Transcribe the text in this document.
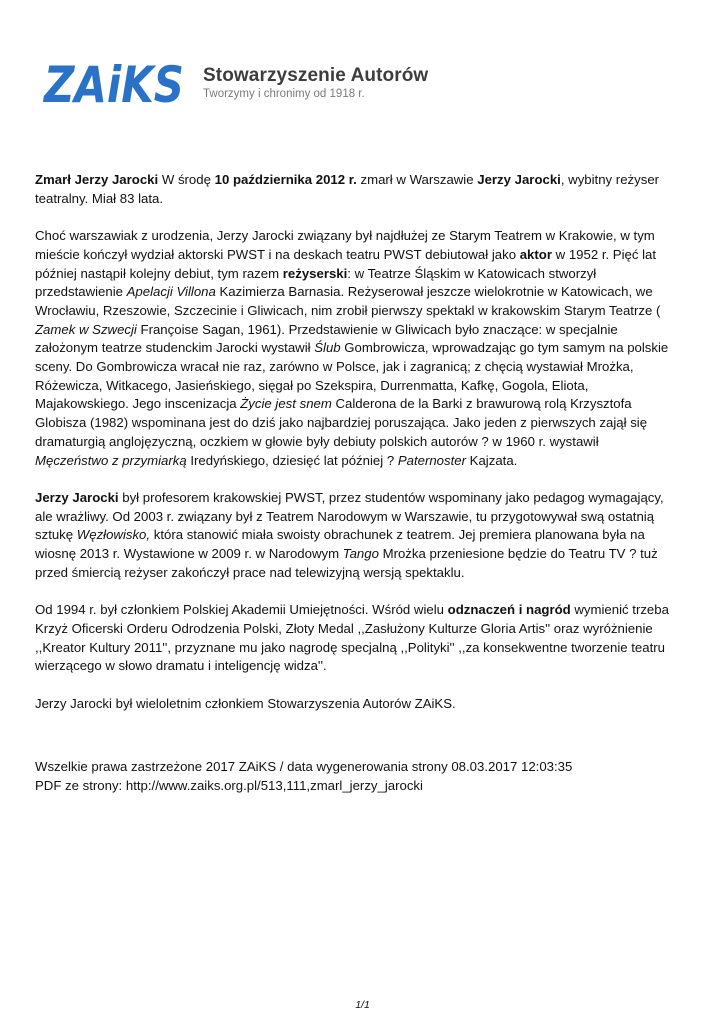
ZAiKS Stowarzyszenie Autorów
Tworzymy i chronimy od 1918 r.

Zmarł Jerzy Jarocki W środę 10 października 2012 r. zmarł w Warszawie Jerzy Jarocki, wybitny reżyser teatralny. Miał 83 lata.

Choć warszawiak z urodzenia, Jerzy Jarocki związany był najdłużej ze Starym Teatrem w Krakowie, w tym mieście kończył wydział aktorski PWST i na deskach teatru PWST debiutował jako aktor w 1952 r. Pięć lat później nastąpił kolejny debiut, tym razem reżyserski: w Teatrze Śląskim w Katowicach stworzył przedstawienie Apelacji Villona Kazimierza Barnasia. Reżyserował jeszcze wielokrotnie w Katowicach, we Wrocławiu, Rzeszowie, Szczecinie i Gliwicach, nim zrobił pierwszy spektakl w krakowskim Starym Teatrze ( Zamek w Szwecji Françoise Sagan, 1961). Przedstawienie w Gliwicach było znaczące: w specjalnie założonym teatrze studenckim Jarocki wystawił Ślub Gombrowicza, wprowadzając go tym samym na polskie sceny. Do Gombrowicza wracał nie raz, zarówno w Polsce, jak i zagranicą; z chęcią wystawiał Mrożka, Różewicza, Witkacego, Jasieńskiego, sięgał po Szekspira, Durrenmatta, Kafkę, Gogola, Eliota, Majakowskiego. Jego inscenizacja Życie jest snem Calderona de la Barki z brawurową rolą Krzysztofa Globisza (1982) wspominana jest do dziś jako najbardziej poruszająca. Jako jeden z pierwszych zajął się dramaturgią anglojęzyczną, oczkiem w głowie były debiuty polskich autorów ? w 1960 r. wystawił Męczeństwo z przymiarką Iredyńskiego, dziesięć lat później ? Paternoster Kajzata.

Jerzy Jarocki był profesorem krakowskiej PWST, przez studentów wspominany jako pedagog wymagający, ale wrażliwy. Od 2003 r. związany był z Teatrem Narodowym w Warszawie, tu przygotowywał swą ostatnią sztukę Węzłowisko, która stanowić miała swoisty obrachunek z teatrem. Jej premiera planowana była na wiosnę 2013 r. Wystawione w 2009 r. w Narodowym Tango Mrożka przeniesione będzie do Teatru TV ? tuż przed śmiercią reżyser zakończył prace nad telewizyjną wersją spektaklu.

Od 1994 r. był członkiem Polskiej Akademii Umiejętności. Wśród wielu odznaczeń i nagród wymienić trzeba Krzyż Oficerski Orderu Odrodzenia Polski, Złoty Medal ,,Zasłużony Kulturze Gloria Artis'' oraz wyróżnienie ,,Kreator Kultury 2011'', przyznane mu jako nagrodę specjalną ,,Polityki'' ,,za konsekwentne tworzenie teatru wierzącego w słowo dramatu i inteligencję widza''.

Jerzy Jarocki był wieloletnim członkiem Stowarzyszenia Autorów ZAiKS.

Wszelkie prawa zastrzeżone 2017 ZAiKS / data wygenerowania strony 08.03.2017 12:03:35
PDF ze strony: http://www.zaiks.org.pl/513,111,zmarl_jerzy_jarocki
1/1
